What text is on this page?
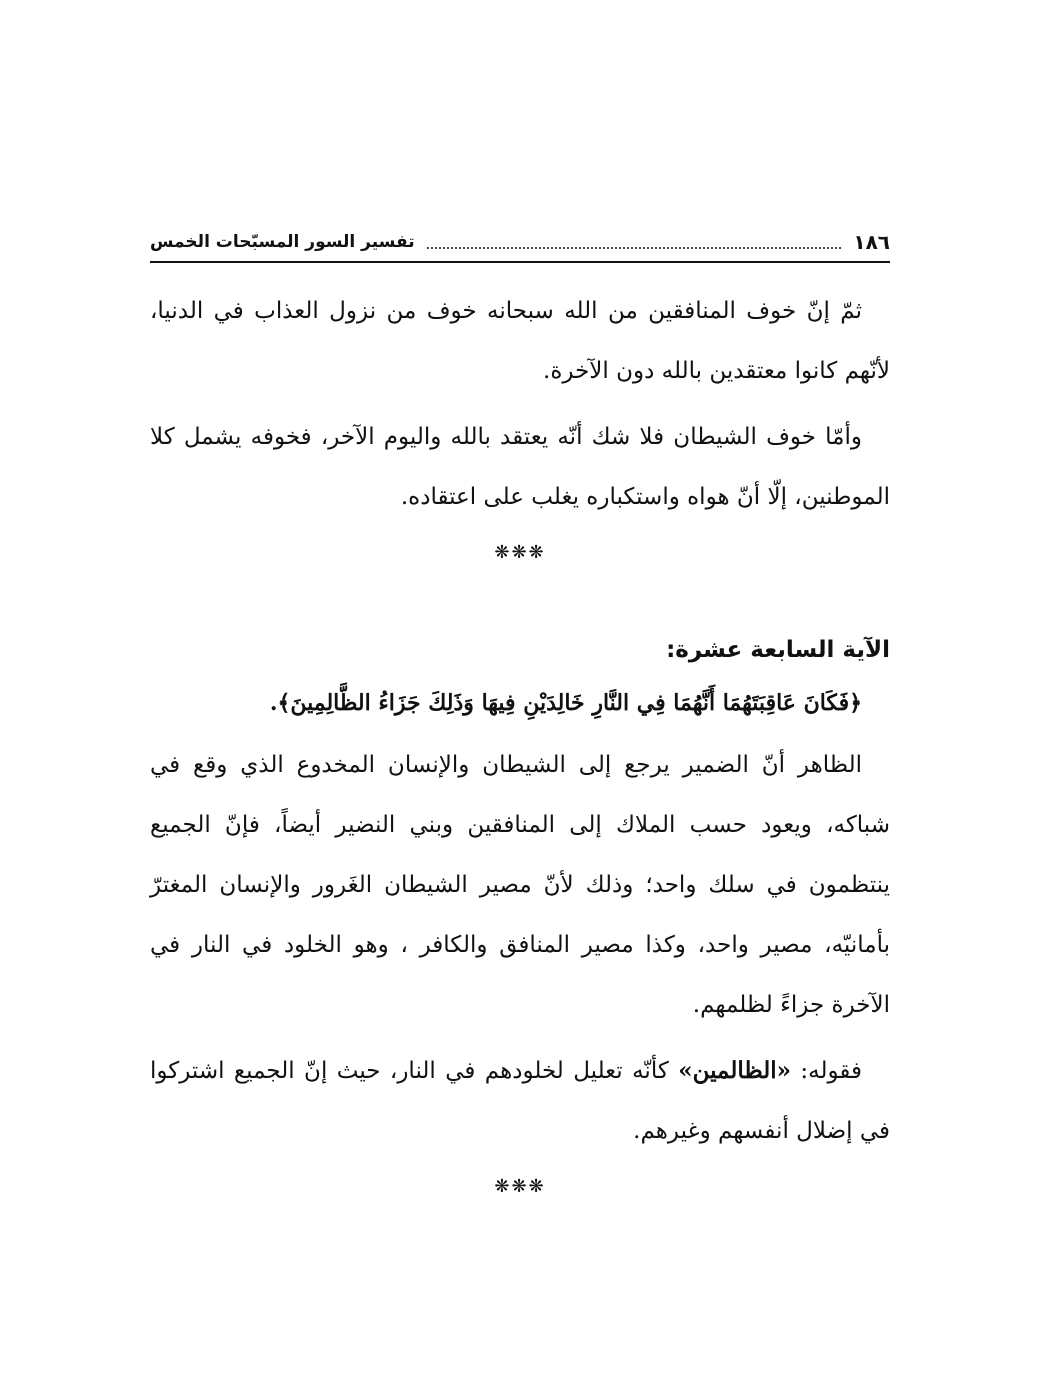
١٨٦
تفسير السور المسبّحات الخمس

ثمّ إنّ خوف المنافقين من الله سبحانه خوف من نزول العذاب في الدنيا، لأنّهم كانوا معتقدين بالله دون الآخرة.

وأمّا خوف الشيطان فلا شك أنّه يعتقد بالله واليوم الآخر، فخوفه يشمل كلا الموطنين، إلّا أنّ هواه واستكباره يغلب على اعتقاده.

❋❋❋

الآية السابعة عشرة:

﴿فَكَانَ عَاقِبَتَهُمَا أَنَّهُمَا فِي النَّارِ خَالِدَيْنِ فِيهَا وَذَلِكَ جَزَاءُ الظَّالِمِينَ﴾.

الظاهر أنّ الضمير يرجع إلى الشيطان والإنسان المخدوع الذي وقع في شباكه، ويعود حسب الملاك إلى المنافقين وبني النضير أيضاً، فإنّ الجميع ينتظمون في سلك واحد؛ وذلك لأنّ مصير الشيطان الغَرور والإنسان المغترّ بأمانيّه، مصير واحد، وكذا مصير المنافق والكافر ، وهو الخلود في النار في الآخرة جزاءً لظلمهم.

فقوله: «الظالمين» كأنّه تعليل لخلودهم في النار، حيث إنّ الجميع اشتركوا في إضلال أنفسهم وغيرهم.

❋❋❋
